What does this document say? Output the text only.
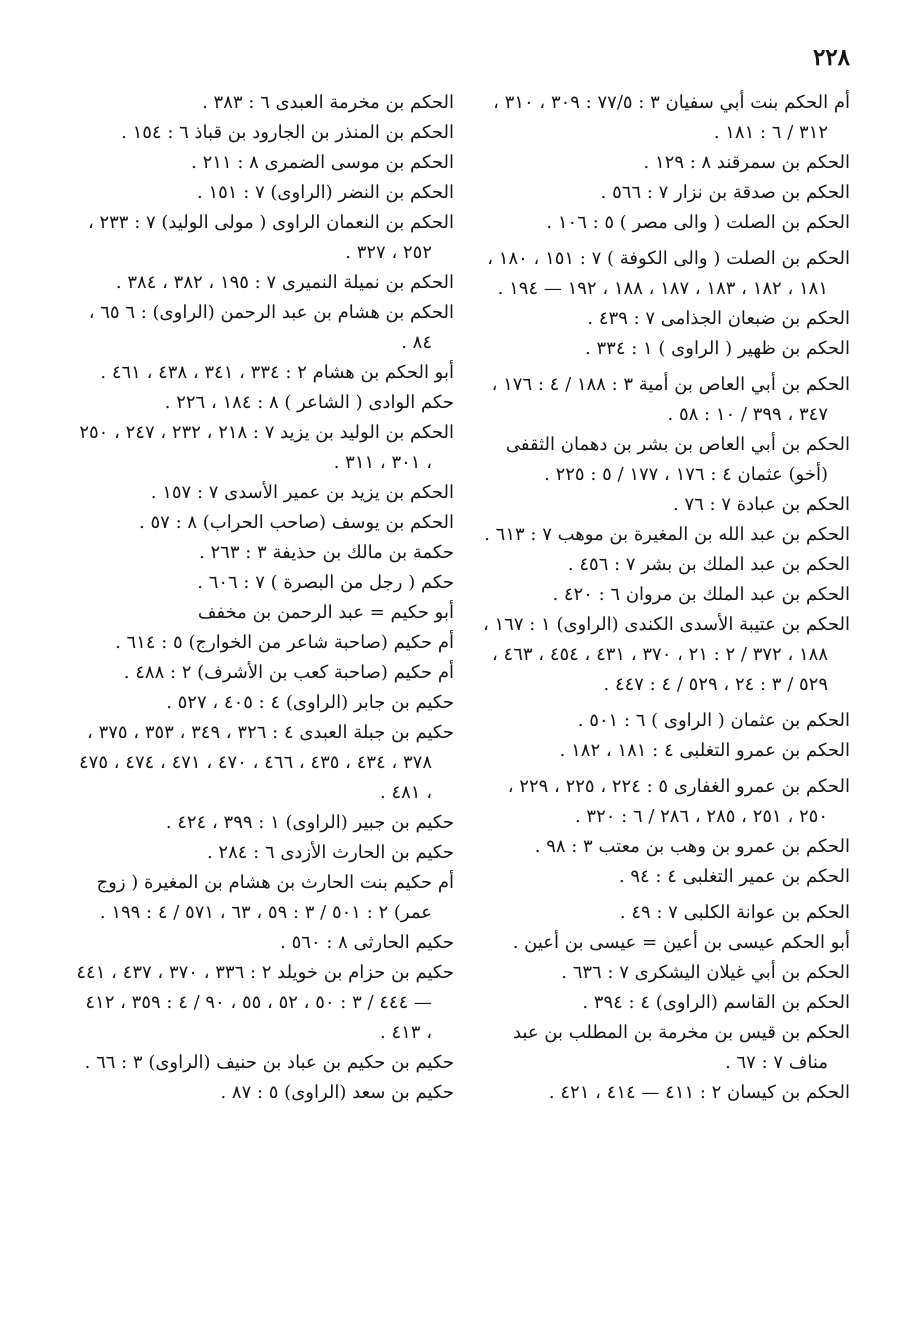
٢٢٨

أم الحكم بنت أبي سفيان ٣ : ٧٧/٥ : ٣٠٩ ، ٣١٠ ، ٣١٢ / ٦ : ١٨١ .

الحكم بن سمرقند ٨ : ١٢٩ .

الحكم بن صدقة بن نزار ٧ : ٥٦٦ .

الحكم بن الصلت ( والى مصر ) ٥ : ١٠٦ .

الحكم بن الصلت ( والى الكوفة ) ٧ : ١٥١ ، ١٨٠ ، ١٨١ ، ١٨٢ ، ١٨٣ ، ١٨٧ ، ١٨٨ ، ١٩٢ — ١٩٤ .

الحكم بن ضبعان الجذامى ٧ : ٤٣٩ .

الحكم بن ظهير ( الراوى ) ١ : ٣٣٤ .

الحكم بن أبي العاص بن أمية ٣ : ١٨٨ / ٤ : ١٧٦ ، ٣٤٧ ، ٣٩٩ / ١٠ : ٥٨ .

الحكم بن أبي العاص بن بشر بن دهمان الثقفى (أخو) عثمان ٤ : ١٧٦ ، ١٧٧ / ٥ : ٢٢٥ .

الحكم بن عبادة ٧ : ٧٦ .

الحكم بن عبد الله بن المغيرة بن موهب ٧ : ٦١٣ .

الحكم بن عبد الملك بن بشر ٧ : ٤٥٦ .

الحكم بن عبد الملك بن مروان ٦ : ٤٢٠ .

الحكم بن عتيبة الأسدى الكندى (الراوى) ١ : ١٦٧ ، ١٨٨ ، ٣٧٢ / ٢ : ٢١ ، ٣٧٠ ، ٤٣١ ، ٤٥٤ ، ٤٦٣ ، ٥٢٩ / ٣ : ٢٤ ، ٥٢٩ / ٤ : ٤٤٧ .

الحكم بن عثمان ( الراوى ) ٦ : ٥٠١ .

الحكم بن عمرو التغلبى ٤ : ١٨١ ، ١٨٢ .

الحكم بن عمرو الغفارى ٥ : ٢٢٤ ، ٢٢٥ ، ٢٢٩ ، ٢٥٠ ، ٢٥١ ، ٢٨٥ ، ٢٨٦ / ٦ : ٣٢٠ .

الحكم بن عمرو بن وهب بن معتب ٣ : ٩٨ .

الحكم بن عمير التغلبى ٤ : ٩٤ .

الحكم بن عوانة الكلبى ٧ : ٤٩ .

أبو الحكم عيسى بن أعين = عيسى بن أعين .

الحكم بن أبي غيلان اليشكرى ٧ : ٦٣٦ .

الحكم بن القاسم (الراوى) ٤ : ٣٩٤ .

الحكم بن قيس بن مخرمة بن المطلب بن عبد مناف ٧ : ٦٧ .

الحكم بن كيسان ٢ : ٤١١ — ٤١٤ ، ٤٢١ .

الحكم بن مخرمة العبدى ٦ : ٣٨٣ .

الحكم بن المنذر بن الجارود بن قباذ ٦ : ١٥٤ .

الحكم بن موسى الضمرى ٨ : ٢١١ .

الحكم بن النضر (الراوى) ٧ : ١٥١ .

الحكم بن النعمان الراوى ( مولى الوليد) ٧ : ٢٣٣ ، ٢٥٢ ، ٣٢٧ .

الحكم بن نميلة النميرى ٧ : ١٩٥ ، ٣٨٢ ، ٣٨٤ .

الحكم بن هشام بن عبد الرحمن (الراوى) : ٦ ٦٥ ، ٨٤ .

أبو الحكم بن هشام ٢ : ٣٣٤ ، ٣٤١ ، ٤٣٨ ، ٤٦١ .

حكم الوادى ( الشاعر ) ٨ : ١٨٤ ، ٢٢٦ .

الحكم بن الوليد بن يزيد ٧ : ٢١٨ ، ٢٣٢ ، ٢٤٧ ، ٢٥٠ ، ٣٠١ ، ٣١١ .

الحكم بن يزيد بن عمير الأسدى ٧ : ١٥٧ .

الحكم بن يوسف (صاحب الحراب) ٨ : ٥٧ .

حكمة بن مالك بن حذيفة ٣ : ٢٦٣ .

حكم ( رجل من البصرة ) ٧ : ٦٠٦ .

أبو حكيم = عبد الرحمن بن مخفف

أم حكيم (صاحبة شاعر من الخوارج) ٥ : ٦١٤ .

أم حكيم (صاحبة كعب بن الأشرف) ٢ : ٤٨٨ .

حكيم بن جابر (الراوى) ٤ : ٤٠٥ ، ٥٢٧ .

حكيم بن جبلة العبدى ٤ : ٣٢٦ ، ٣٤٩ ، ٣٥٣ ، ٣٧٥ ، ٣٧٨ ، ٤٣٤ ، ٤٣٥ ، ٤٦٦ ، ٤٧٠ ، ٤٧١ ، ٤٧٤ ، ٤٧٥ ، ٤٨١ .

حكيم بن جبير (الراوى) ١ : ٣٩٩ ، ٤٢٤ .

حكيم بن الحارث الأزدى ٦ : ٢٨٤ .

أم حكيم بنت الحارث بن هشام بن المغيرة ( زوج عمر) ٢ : ٥٠١ / ٣ : ٥٩ ، ٦٣ ، ٥٧١ / ٤ : ١٩٩ .

حكيم الحارثى ٨ : ٥٦٠ .

حكيم بن حزام بن خويلد ٢ : ٣٣٦ ، ٣٧٠ ، ٤٣٧ ، ٤٤١ — ٤٤٤ / ٣ : ٥٠ ، ٥٢ ، ٥٥ ، ٩٠ / ٤ : ٣٥٩ ، ٤١٢ ، ٤١٣ .

حكيم بن حكيم بن عباد بن حنيف (الراوى) ٣ : ٦٦ .

حكيم بن سعد (الراوى) ٥ : ٨٧ .
